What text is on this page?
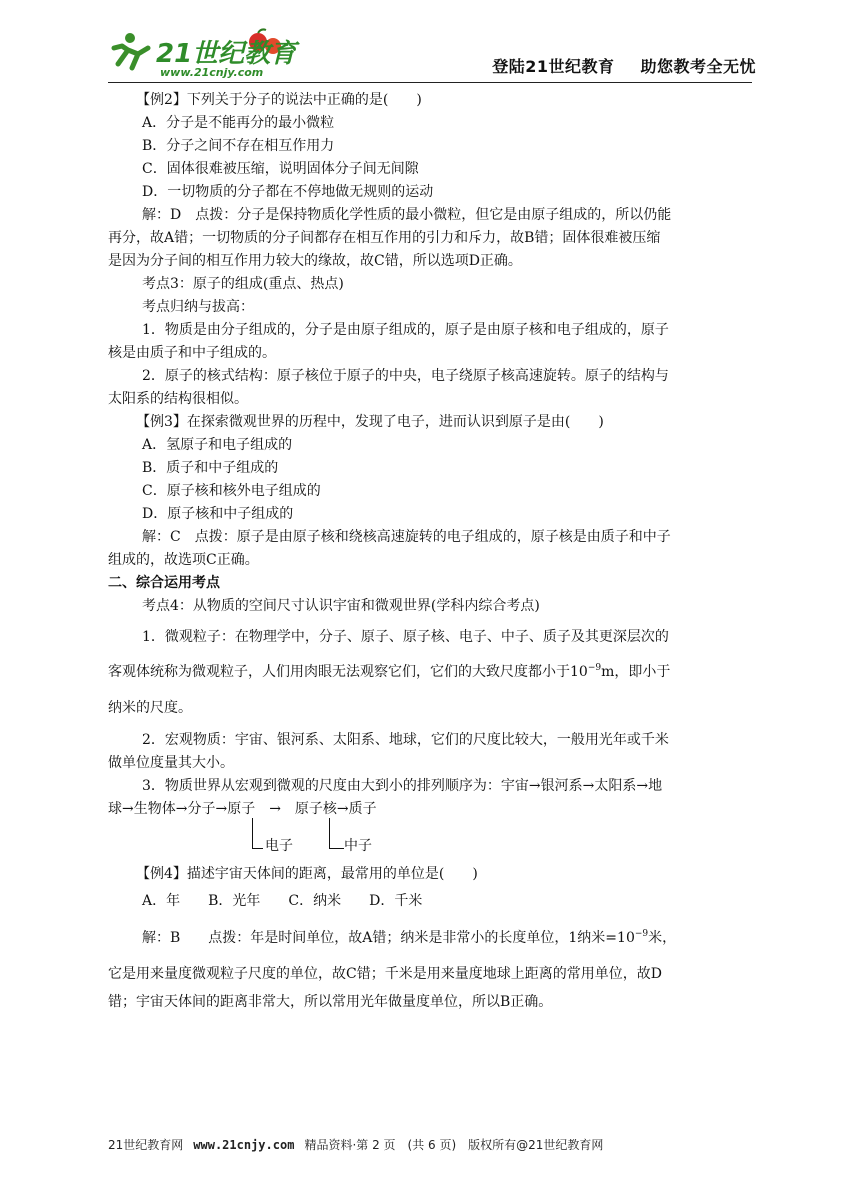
21世纪教育
www.21cnjy.com	登陆21世纪教育 助您教考全无忧
【例2】下列关于分子的说法中正确的是(　　)
A．分子是不能再分的最小微粒
B．分子之间不存在相互作用力
C．固体很难被压缩，说明固体分子间无间隙
D．一切物质的分子都在不停地做无规则的运动
解：D　点拨：分子是保持物质化学性质的最小微粒，但它是由原子组成的，所以仍能
再分，故A错；一切物质的分子间都存在相互作用的引力和斥力，故B错；固体很难被压缩
是因为分子间的相互作用力较大的缘故，故C错，所以选项D正确。
考点3：原子的组成(重点、热点)
考点归纳与拔高：
1．物质是由分子组成的，分子是由原子组成的，原子是由原子核和电子组成的，原子
核是由质子和中子组成的。
2．原子的核式结构：原子核位于原子的中央，电子绕原子核高速旋转。原子的结构与
太阳系的结构很相似。
【例3】在探索微观世界的历程中，发现了电子，进而认识到原子是由(　　)
A．氢原子和电子组成的
B．质子和中子组成的
C．原子核和核外电子组成的
D．原子核和中子组成的
解：C　点拨：原子是由原子核和绕核高速旋转的电子组成的，原子核是由质子和中子
组成的，故选项C正确。
二、综合运用考点
考点4：从物质的空间尺寸认识宇宙和微观世界(学科内综合考点)
1．微观粒子：在物理学中，分子、原子、原子核、电子、中子、质子及其更深层次的
客观体统称为微观粒子，人们用肉眼无法观察它们，它们的大致尺度都小于$10^{-9}m$，即小于
纳米的尺度。
2．宏观物质：宇宙、银河系、太阳系、地球，它们的尺度比较大，一般用光年或千米
做单位度量其大小。
3．物质世界从宏观到微观的尺度由大到小的排列顺序为：宇宙→银河系→太阳系→地
球→生物体→分子→原子　→　原子核→质子
电子	中子
【例4】描述宇宙天体间的距离，最常用的单位是(　　)
A．年　　B．光年　　C．纳米　　D．千米
解：B　　点拨：年是时间单位，故A错；纳米是非常小的长度单位，1纳米$=10^{-9}$米，
它是用来量度微观粒子尺度的单位，故C错；千米是用来量度地球上距离的常用单位，故D
错；宇宙天体间的距离非常大，所以常用光年做量度单位，所以B正确。
21世纪教育网 www.21cnjy.com 精品资料·第 2 页　(共 6 页)　版权所有@21世纪教育网
